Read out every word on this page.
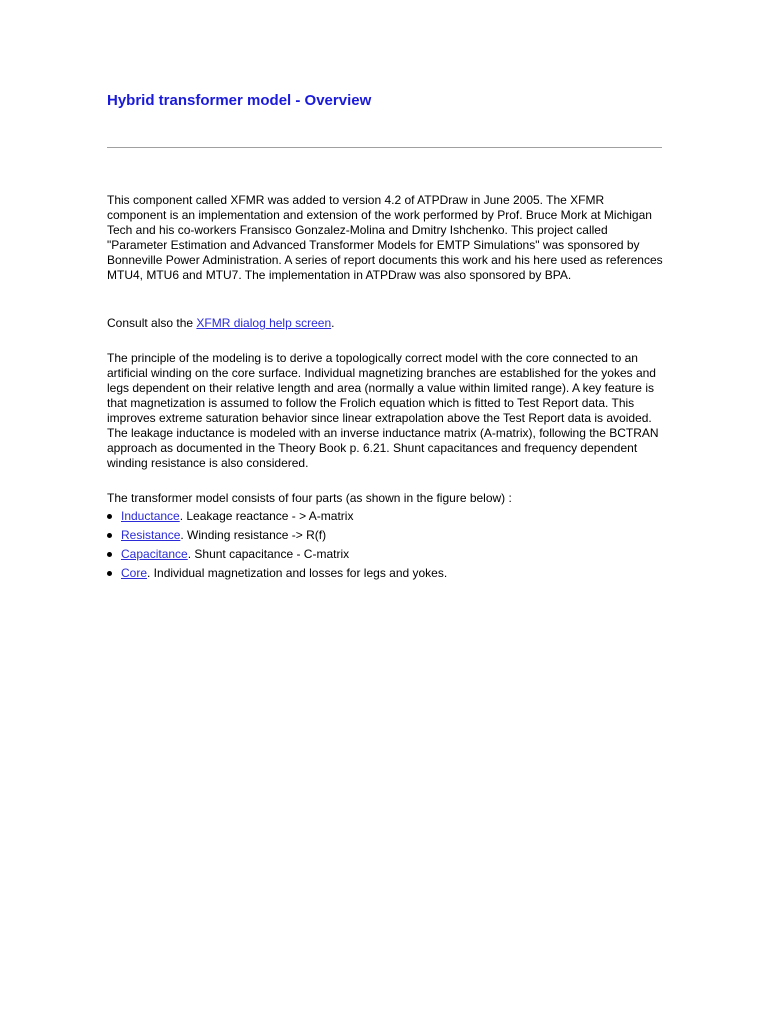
Hybrid transformer model - Overview

This component called XFMR was added to version 4.2 of ATPDraw in June 2005. The XFMR component is an implementation and extension of the work performed by Prof. Bruce Mork at Michigan Tech and his co-workers Fransisco Gonzalez-Molina and Dmitry Ishchenko. This project called "Parameter Estimation and Advanced Transformer Models for EMTP Simulations" was sponsored by Bonneville Power Administration. A series of report documents this work and his here used as references MTU4, MTU6 and MTU7. The implementation in ATPDraw was also sponsored by BPA.

Consult also the XFMR dialog help screen.

The principle of the modeling is to derive a topologically correct model with the core connected to an artificial winding on the core surface. Individual magnetizing branches are established for the yokes and legs dependent on their relative length and area (normally a value within limited range). A key feature is that magnetization is assumed to follow the Frolich equation which is fitted to Test Report data. This improves extreme saturation behavior since linear extrapolation above the Test Report data is avoided. The leakage inductance is modeled with an inverse inductance matrix (A-matrix), following the BCTRAN approach as documented in the Theory Book p. 6.21. Shunt capacitances and frequency dependent winding resistance is also considered.

The transformer model consists of four parts (as shown in the figure below) :

Inductance. Leakage reactance - > A-matrix
Resistance. Winding resistance -> R(f)
Capacitance. Shunt capacitance - C-matrix
Core. Individual magnetization and losses for legs and yokes.
